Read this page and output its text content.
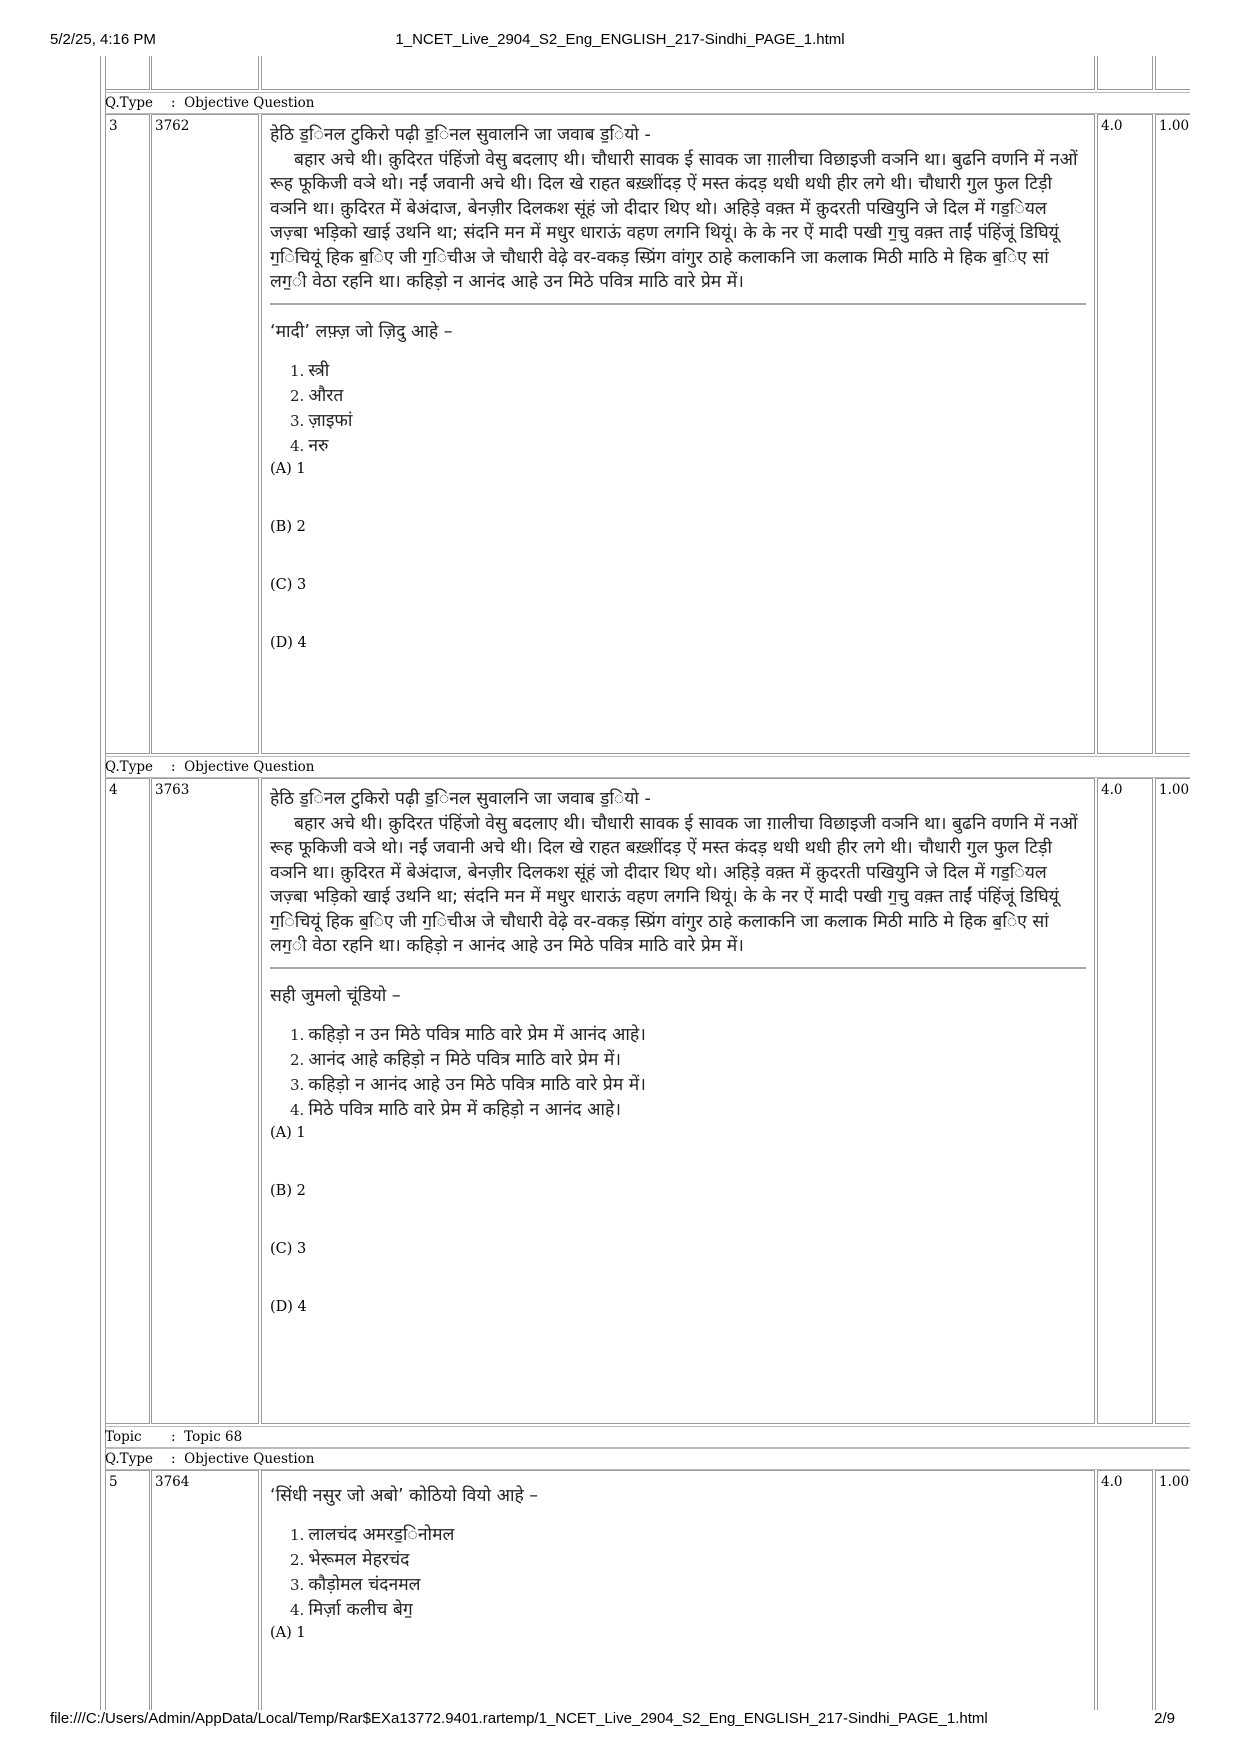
5/2/25, 4:16 PM	1_NCET_Live_2904_S2_Eng_ENGLISH_217-Sindhi_PAGE_1.html
Q.Type : Objective Question
3	3762	हेठि ड॒िनल टुकिरो पढ़ी ड॒िनल सुवालनि जा जवाब ड॒ियो -
बहार अचे थी। क़ुदिरत पंहिंजो वेसु बदलाए थी। चौधारी सावक ई सावक जा ग़ालीचा विछाइजी वञनि था। बुढनि वणनि में नओं रूह फूकिजी वञे थो। नईं जवानी अचे थी। दिल खे राहत बख़्शींदड़ ऐं मस्त कंदड़ थधी थधी हीर लगे थी। चौधारी गुल फुल टिड़ी वञनि था। क़ुदिरत में बेअंदाज, बेनज़ीर दिलकश सूंहं जो दीदार थिए थो। अहिड़े वक़्त में क़ुदरती पखियुनि जे दिल में गड॒ियल जज़्बा भड़िको खाई उथनि था; संदनि मन में मधुर धाराऊं वहण लगनि थियूं। के के नर ऐं मादी पखी ग॒चु वक़्त ताईं पंहिंजूं डिघियूं ग॒िचियूं हिक ब॒िए जी ग॒िचीअ जे चौधारी वेढ़े वर-वकड़ स्प्रिंग वांगुर ठाहे कलाकनि जा कलाक मिठी माठि मे हिक ब॒िए सां लग॒ी वेठा रहनि था। कहिड़ो न आनंद आहे उन मिठे पवित्र माठि वारे प्रेम में।
‘मादी’ लफ़्ज़ जो ज़िदु आहे –
1. स्त्री
2. औरत
3. ज़ाइफां
4. नरु
(A) 1
(B) 2
(C) 3
(D) 4
4.0	1.00
Q.Type : Objective Question
4	3763	हेठि ड॒िनल टुकिरो पढ़ी ड॒िनल सुवालनि जा जवाब ड॒ियो -
बहार अचे थी। क़ुदिरत पंहिंजो वेसु बदलाए थी। चौधारी सावक ई सावक जा ग़ालीचा विछाइजी वञनि था। बुढनि वणनि में नओं रूह फूकिजी वञे थो। नईं जवानी अचे थी। दिल खे राहत बख़्शींदड़ ऐं मस्त कंदड़ थधी थधी हीर लगे थी। चौधारी गुल फुल टिड़ी वञनि था। क़ुदिरत में बेअंदाज, बेनज़ीर दिलकश सूंहं जो दीदार थिए थो। अहिड़े वक़्त में क़ुदरती पखियुनि जे दिल में गड॒ियल जज़्बा भड़िको खाई उथनि था; संदनि मन में मधुर धाराऊं वहण लगनि थियूं। के के नर ऐं मादी पखी ग॒चु वक़्त ताईं पंहिंजूं डिघियूं ग॒िचियूं हिक ब॒िए जी ग॒िचीअ जे चौधारी वेढ़े वर-वकड़ स्प्रिंग वांगुर ठाहे कलाकनि जा कलाक मिठी माठि मे हिक ब॒िए सां लग॒ी वेठा रहनि था। कहिड़ो न आनंद आहे उन मिठे पवित्र माठि वारे प्रेम में।
सही जुमलो चूंडियो –
1. कहिड़ो न उन मिठे पवित्र माठि वारे प्रेम में आनंद आहे।
2. आनंद आहे कहिड़ो न मिठे पवित्र माठि वारे प्रेम में।
3. कहिड़ो न आनंद आहे उन मिठे पवित्र माठि वारे प्रेम में।
4. मिठे पवित्र माठि वारे प्रेम में कहिड़ो न आनंद आहे।
(A) 1
(B) 2
(C) 3
(D) 4
4.0	1.00
Topic : Topic 68
Q.Type : Objective Question
5	3764
‘सिंधी नसुर जो अबो’ कोठियो वियो आहे –
1. लालचंद अमरड॒िनोमल
2. भेरूमल मेहरचंद
3. कौड़ोमल चंदनमल
4. मिर्ज़ा कलीच बेग॒
(A) 1
4.0	1.00
file:///C:/Users/Admin/AppData/Local/Temp/Rar$EXa13772.9401.rartemp/1_NCET_Live_2904_S2_Eng_ENGLISH_217-Sindhi_PAGE_1.html	2/9
